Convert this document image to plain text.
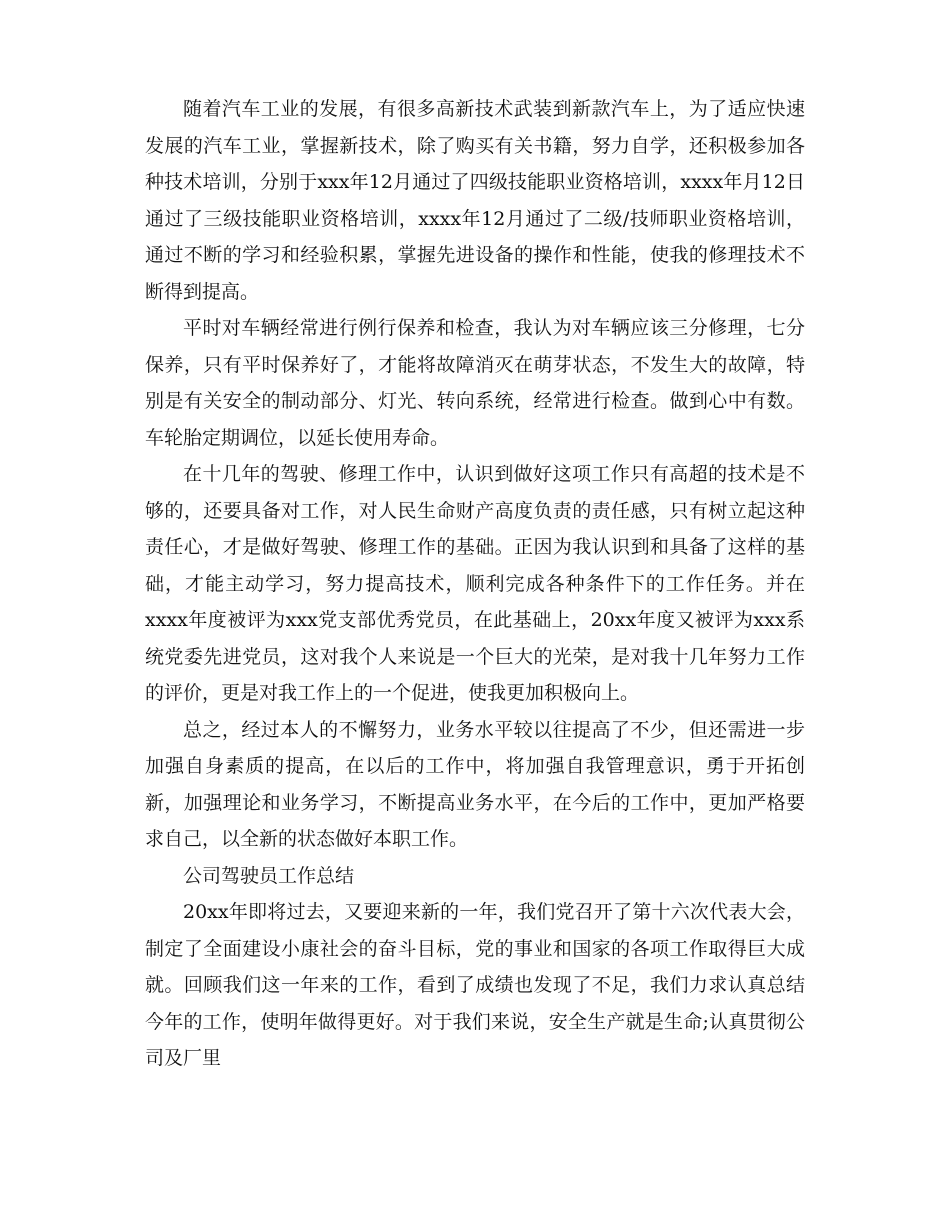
随着汽车工业的发展，有很多高新技术武装到新款汽车上，为了适应快速发展的汽车工业，掌握新技术，除了购买有关书籍，努力自学，还积极参加各种技术培训，分别于xxx年12月通过了四级技能职业资格培训，xxxx年月12日通过了三级技能职业资格培训，xxxx年12月通过了二级/技师职业资格培训，通过不断的学习和经验积累，掌握先进设备的操作和性能，使我的修理技术不断得到提高。

平时对车辆经常进行例行保养和检查，我认为对车辆应该三分修理，七分保养，只有平时保养好了，才能将故障消灭在萌芽状态，不发生大的故障，特别是有关安全的制动部分、灯光、转向系统，经常进行检查。做到心中有数。车轮胎定期调位，以延长使用寿命。

在十几年的驾驶、修理工作中，认识到做好这项工作只有高超的技术是不够的，还要具备对工作，对人民生命财产高度负责的责任感，只有树立起这种责任心，才是做好驾驶、修理工作的基础。正因为我认识到和具备了这样的基础，才能主动学习，努力提高技术，顺利完成各种条件下的工作任务。并在xxxx年度被评为xxx党支部优秀党员，在此基础上，20xx年度又被评为xxx系统党委先进党员，这对我个人来说是一个巨大的光荣，是对我十几年努力工作的评价，更是对我工作上的一个促进，使我更加积极向上。

总之，经过本人的不懈努力，业务水平较以往提高了不少，但还需进一步加强自身素质的提高，在以后的工作中，将加强自我管理意识，勇于开拓创新，加强理论和业务学习，不断提高业务水平，在今后的工作中，更加严格要求自己，以全新的状态做好本职工作。

公司驾驶员工作总结

20xx年即将过去，又要迎来新的一年，我们党召开了第十六次代表大会，制定了全面建设小康社会的奋斗目标，党的事业和国家的各项工作取得巨大成就。回顾我们这一年来的工作，看到了成绩也发现了不足，我们力求认真总结今年的工作，使明年做得更好。对于我们来说，安全生产就是生命;认真贯彻公司及厂里
